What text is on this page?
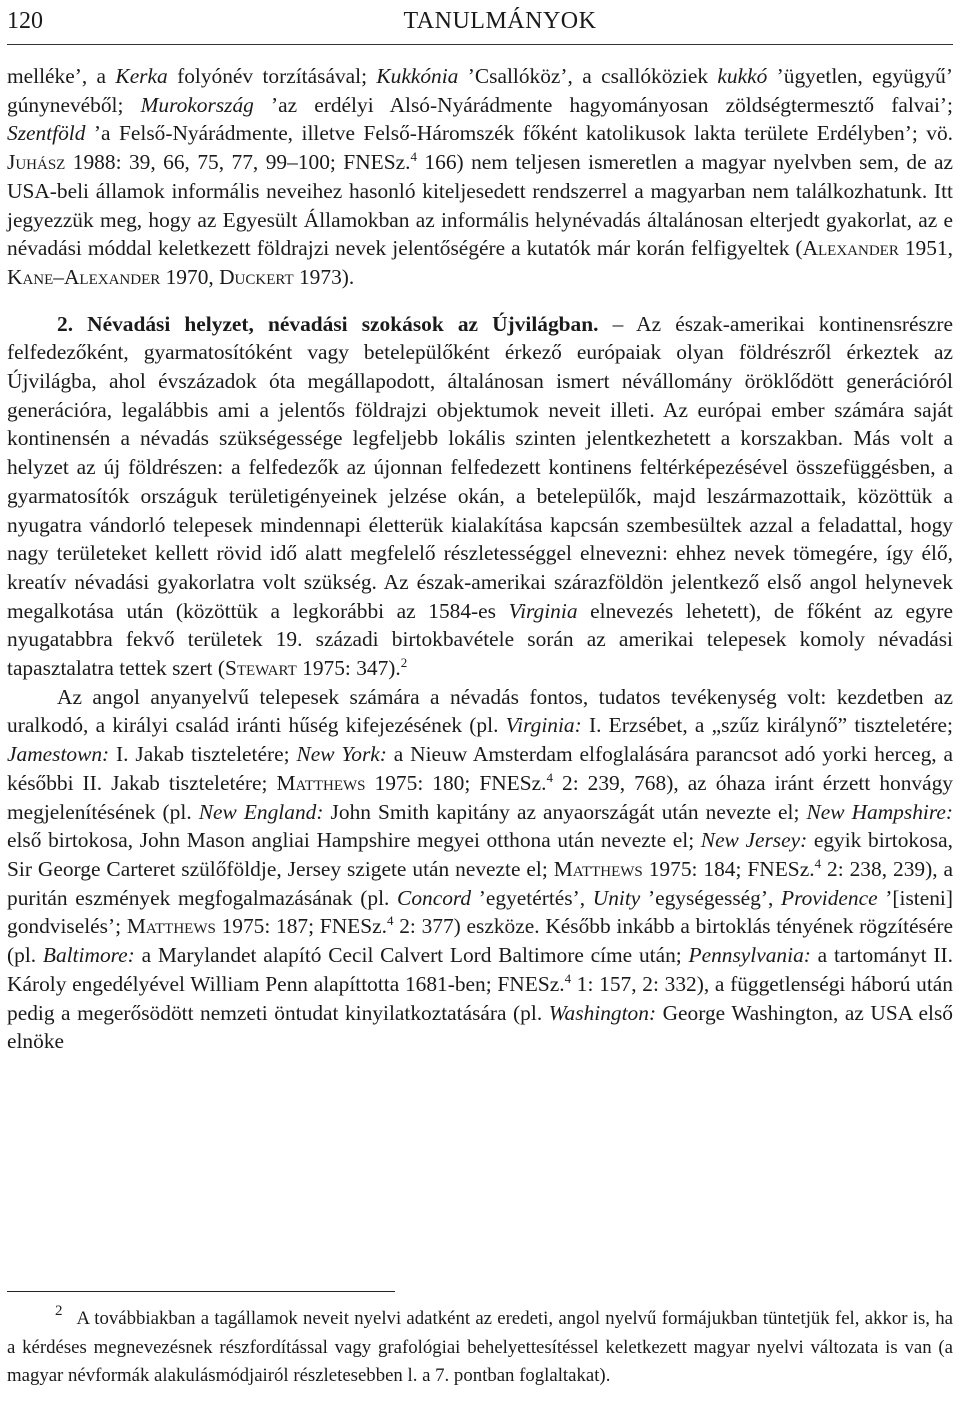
120	TANULMÁNYOK

melléke’, a Kerka folyónév torzításával; Kukkónia ’Csallóköz’, a csallóköziek kukkó ’ügyetlen, együgyű’ gúnynevéből; Murokország ’az erdélyi Alsó-Nyárádmente hagyományosan zöldségtermesztő falvai’; Szentföld ’a Felső-Nyárádmente, illetve Felső-Háromszék főként katolikusok lakta területe Erdélyben’; vö. Juhász 1988: 39, 66, 75, 77, 99–100; FNESz.$^4$ 166) nem teljesen ismeretlen a magyar nyelvben sem, de az USA-beli államok informális neveihez hasonló kiteljesedett rendszerrel a magyarban nem találkozhatunk. Itt jegyezzük meg, hogy az Egyesült Államokban az informális helynévadás általánosan elterjedt gyakorlat, az e névadási móddal keletkezett földrajzi nevek jelentőségére a kutatók már korán felfigyeltek (Alexander 1951, Kane–Alexander 1970, Duckert 1973).

2. Névadási helyzet, névadási szokások az Újvilágban. – Az észak-amerikai kontinensrészre felfedezőként, gyarmatosítóként vagy betelepülőként érkező európaiak olyan földrészről érkeztek az Újvilágba, ahol évszázadok óta megállapodott, általánosan ismert névállomány öröklődött generációról generációra, legalábbis ami a jelentős földrajzi objektumok neveit illeti. Az európai ember számára saját kontinensén a névadás szükségessége legfeljebb lokális szinten jelentkezhetett a korszakban. Más volt a helyzet az új földrészen: a felfedezők az újonnan felfedezett kontinens feltérképezésével összefüggésben, a gyarmatosítók országuk területigényeinek jelzése okán, a betelepülők, majd leszármazottaik, közöttük a nyugatra vándorló telepesek mindennapi életterük kialakítása kapcsán szembesültek azzal a feladattal, hogy nagy területeket kellett rövid idő alatt megfelelő részletességgel elnevezni: ehhez nevek tömegére, így élő, kreatív névadási gyakorlatra volt szükség. Az észak-amerikai szárazföldön jelentkező első angol helynevek megalkotása után (közöttük a legkorábbi az 1584-es Virginia elnevezés lehetett), de főként az egyre nyugatabbra fekvő területek 19. századi birtokbavétele során az amerikai telepesek komoly névadási tapasztalatra tettek szert (Stewart 1975: 347).$^2$

Az angol anyanyelvű telepesek számára a névadás fontos, tudatos tevékenység volt: kezdetben az uralkodó, a királyi család iránti hűség kifejezésének (pl. Virginia: I. Erzsébet, a „szűz királynő” tiszteletére; Jamestown: I. Jakab tiszteletére; New York: a Nieuw Amsterdam elfoglalására parancsot adó yorki herceg, a későbbi II. Jakab tiszteletére; Matthews 1975: 180; FNESz.$^4$ 2: 239, 768), az óhaza iránt érzett honvágy megjelenítésének (pl. New England: John Smith kapitány az anyaországát után nevezte el; New Hampshire: első birtokosa, John Mason angliai Hampshire megyei otthona után nevezte el; New Jersey: egyik birtokosa, Sir George Carteret szülőföldje, Jersey szigete után nevezte el; Matthews 1975: 184; FNESz.$^4$ 2: 238, 239), a puritán eszmények megfogalmazásának (pl. Concord ’egyetértés’, Unity ’egységesség’, Providence ’[isteni] gondviselés’; Matthews 1975: 187; FNESz.$^4$ 2: 377) eszköze. Később inkább a birtoklás tényének rögzítésére (pl. Baltimore: a Marylandet alapító Cecil Calvert Lord Baltimore címe után; Pennsylvania: a tartományt II. Károly engedélyével William Penn alapíttotta 1681-ben; FNESz.$^4$ 1: 157, 2: 332), a függetlenségi háború után pedig a megerősödött nemzeti öntudat kinyilatkoztatására (pl. Washington: George Washington, az USA első elnöke

$^2$ A továbbiakban a tagállamok neveit nyelvi adatként az eredeti, angol nyelvű formájukban tüntetjük fel, akkor is, ha a kérdéses megnevezésnek részfordítással vagy grafológiai behelyettesítéssel keletkezett magyar nyelvi változata is van (a magyar névformák alakulásmódjairól részletesebben l. a 7. pontban foglaltakat).
